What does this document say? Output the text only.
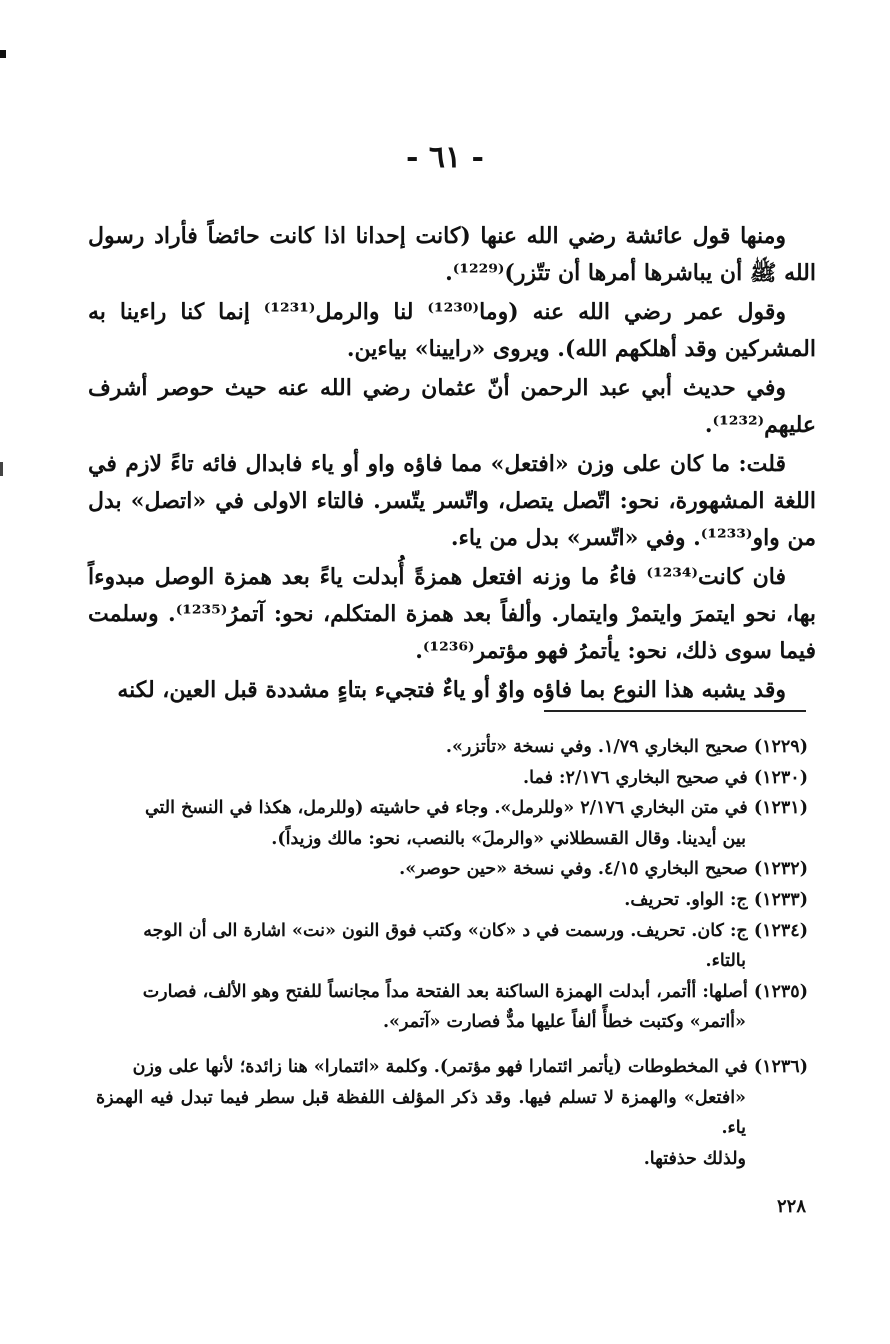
- ٦١ -

ومنها قول عائشة رضي الله عنها (كانت إحدانا اذا كانت حائضاً فأراد رسول الله ﷺ أن يباشرها أمرها أن تتّزر)⁽¹²²⁹⁾.

وقول عمر رضي الله عنه (وما⁽¹²³⁰⁾ لنا والرمل⁽¹²³¹⁾ إنما كنا راءينا به المشركين وقد أهلكهم الله). ويروى «رايينا» بياءين.

وفي حديث أبي عبد الرحمن أنّ عثمان رضي الله عنه حيث حوصر أشرف عليهم⁽¹²³²⁾.

قلت: ما كان على وزن «افتعل» مما فاؤه واو أو ياء فابدال فائه تاءً لازم في اللغة المشهورة، نحو: اتّصل يتصل، واتّسر يتّسر. فالتاء الاولى في «اتصل» بدل من واو⁽¹²³³⁾. وفي «اتّسر» بدل من ياء.

فان كانت⁽¹²³⁴⁾ فاءُ ما وزنه افتعل همزةً أُبدلت ياءً بعد همزة الوصل مبدوءاً بها، نحو ايتمرَ وايتمرْ وايتمار. وألفاً بعد همزة المتكلم، نحو: آتمرُ⁽¹²³⁵⁾. وسلمت فيما سوى ذلك، نحو: يأتمرُ فهو مؤتمر⁽¹²³⁶⁾.

وقد يشبه هذا النوع بما فاؤه واوٌ أو ياءٌ فتجيء بتاءٍ مشددة قبل العين، لكنه

(١٢٢٩) صحيح البخاري ١/٧٩. وفي نسخة «تأتزر».
(١٢٣٠) في صحيح البخاري ٢/١٧٦: فما.
(١٢٣١) في متن البخاري ٢/١٧٦ «وللرمل». وجاء في حاشيته (وللرمل، هكذا في النسخ التي
بين أيدينا. وقال القسطلاني «والرملَ» بالنصب، نحو: مالك وزيداً).
(١٢٣٢) صحيح البخاري ٤/١٥. وفي نسخة «حين حوصر».
(١٢٣٣) ج: الواو. تحريف.
(١٢٣٤) ج: كان. تحريف. ورسمت في د «كان» وكتب فوق النون «نت» اشارة الى أن الوجه
بالتاء.
(١٢٣٥) أصلها: أأتمر، أبدلت الهمزة الساكنة بعد الفتحة مداً مجانساً للفتح وهو الألف، فصارت
«أاتمر» وكتبت خطأً ألفاً عليها مدٌّ فصارت «آتمر».
(١٢٣٦) في المخطوطات (يأتمر ائتمارا فهو مؤتمر). وكلمة «ائتمارا» هنا زائدة؛ لأنها على وزن
«افتعل» والهمزة لا تسلم فيها. وقد ذكر المؤلف اللفظة قبل سطر فيما تبدل فيه الهمزة ياء.
ولذلك حذفتها.
٢٢٨
